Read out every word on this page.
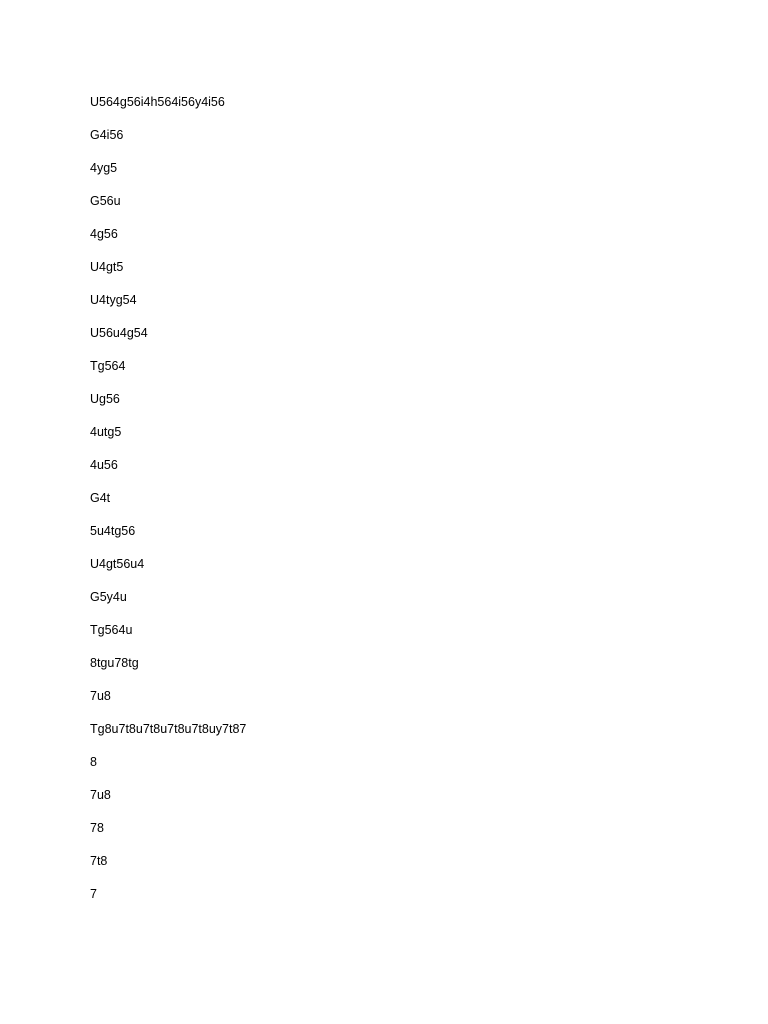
U564g56i4h564i56y4i56
G4i56
4yg5
G56u
4g56
U4gt5
U4tyg54
U56u4g54
Tg564
Ug56
4utg5
4u56
G4t
5u4tg56
U4gt56u4
G5y4u
Tg564u
8tgu78tg
7u8
Tg8u7t8u7t8u7t8u7t8uy7t87
8
7u8
78
7t8
7
